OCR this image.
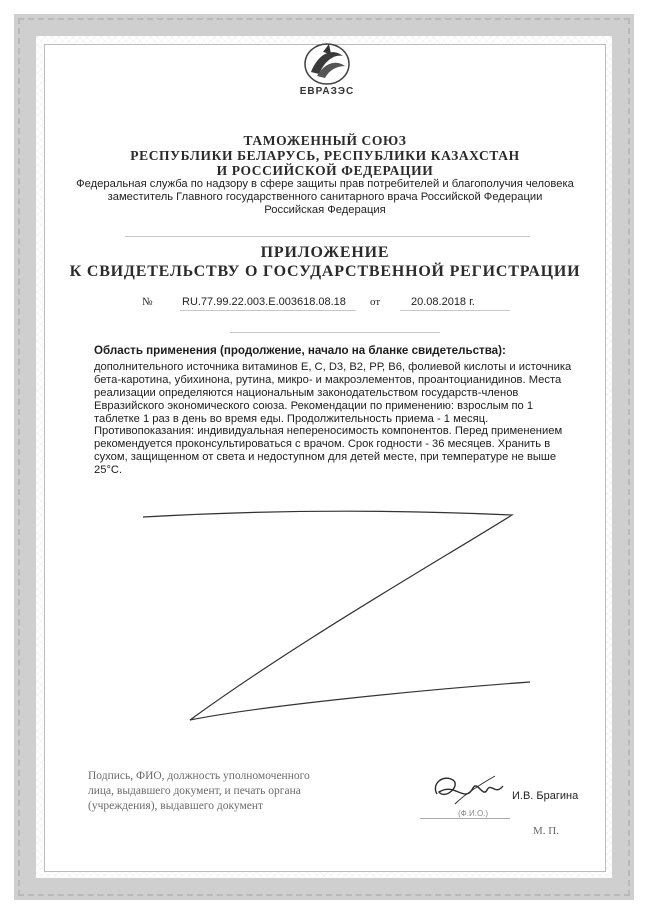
ЕВРАЗЭС
ТАМОЖЕННЫЙ СОЮЗ
РЕСПУБЛИКИ БЕЛАРУСЬ, РЕСПУБЛИКИ КАЗАХСТАН
И РОССИЙСКОЙ ФЕДЕРАЦИИ
Федеральная служба по надзору в сфере защиты прав потребителей и благополучия человека
заместитель Главного государственного санитарного врача Российской Федерации
Российская Федерация
ПРИЛОЖЕНИЕ
К СВИДЕТЕЛЬСТВУ О ГОСУДАРСТВЕННОЙ РЕГИСТРАЦИИ
№	RU.77.99.22.003.Е.003618.08.18 от	20.08.2018 г.
Область применения (продолжение, начало на бланке свидетельства):

дополнительного источника витаминов Е, С, D3, В2, РР, В6, фолиевой кислоты и источника бета-каротина, убихинона, рутина, микро- и макроэлементов, проантоцианидинов. Места реализации определяются национальным законодательством государств-членов Евразийского экономического союза. Рекомендации по применению: взрослым по 1 таблетке 1 раз в день во время еды. Продолжительность приема - 1 месяц. Противопоказания: индивидуальная непереносимость компонентов. Перед применением рекомендуется проконсультироваться с врачом. Срок годности - 36 месяцев. Хранить в сухом, защищенном от света и недоступном для детей месте, при температуре не выше 25°С.

Подпись, ФИО, должность уполномоченного
лица, выдавшего документ, и печать органа
(учреждения), выдавшего документ
И.В. Брагина
(Ф.И.О.)
М. П.
